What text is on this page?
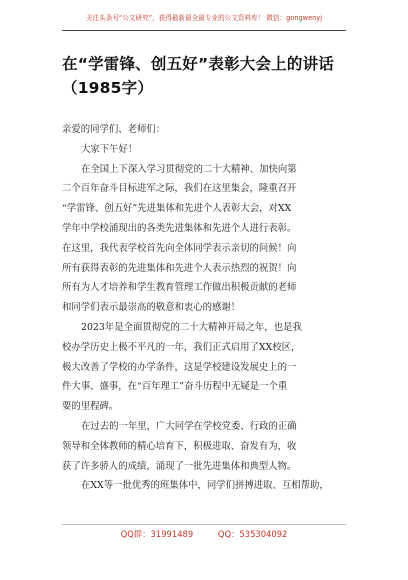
关注头条号“公文研究”，获得最新最全最专业的公文资料库！ 微信：gongwenyj
在“学雷锋、创五好”表彰大会上的讲话
（1985字）
亲爱的同学们、老师们：
大家下午好！
在全国上下深入学习贯彻党的二十大精神、加快向第
二个百年奋斗目标进军之际，我们在这里集会，隆重召开
“学雷锋、创五好”先进集体和先进个人表彰大会，对XX
学年中学校涌现出的各类先进集体和先进个人进行表彰。
在这里，我代表学校首先向全体同学表示亲切的问候！向
所有获得表彰的先进集体和先进个人表示热烈的祝贺！向
所有为人才培养和学生教育管理工作做出积极贡献的老师
和同学们表示最崇高的敬意和衷心的感谢！
2023年是全面贯彻党的二十大精神开局之年，也是我
校办学历史上极不平凡的一年，我们正式启用了XX校区，
极大改善了学校的办学条件，这是学校建设发展史上的一
件大事、盛事，在“百年理工”奋斗历程中无疑是一个重
要的里程碑。
在过去的一年里，广大同学在学校党委、行政的正确
领导和全体教师的精心培育下，积极进取、奋发有为，收
获了许多骄人的成绩，涌现了一批先进集体和典型人物。
在XX等一批优秀的班集体中，同学们拼搏进取、互相帮助，
QQ群：31991489	QQ：535304092
